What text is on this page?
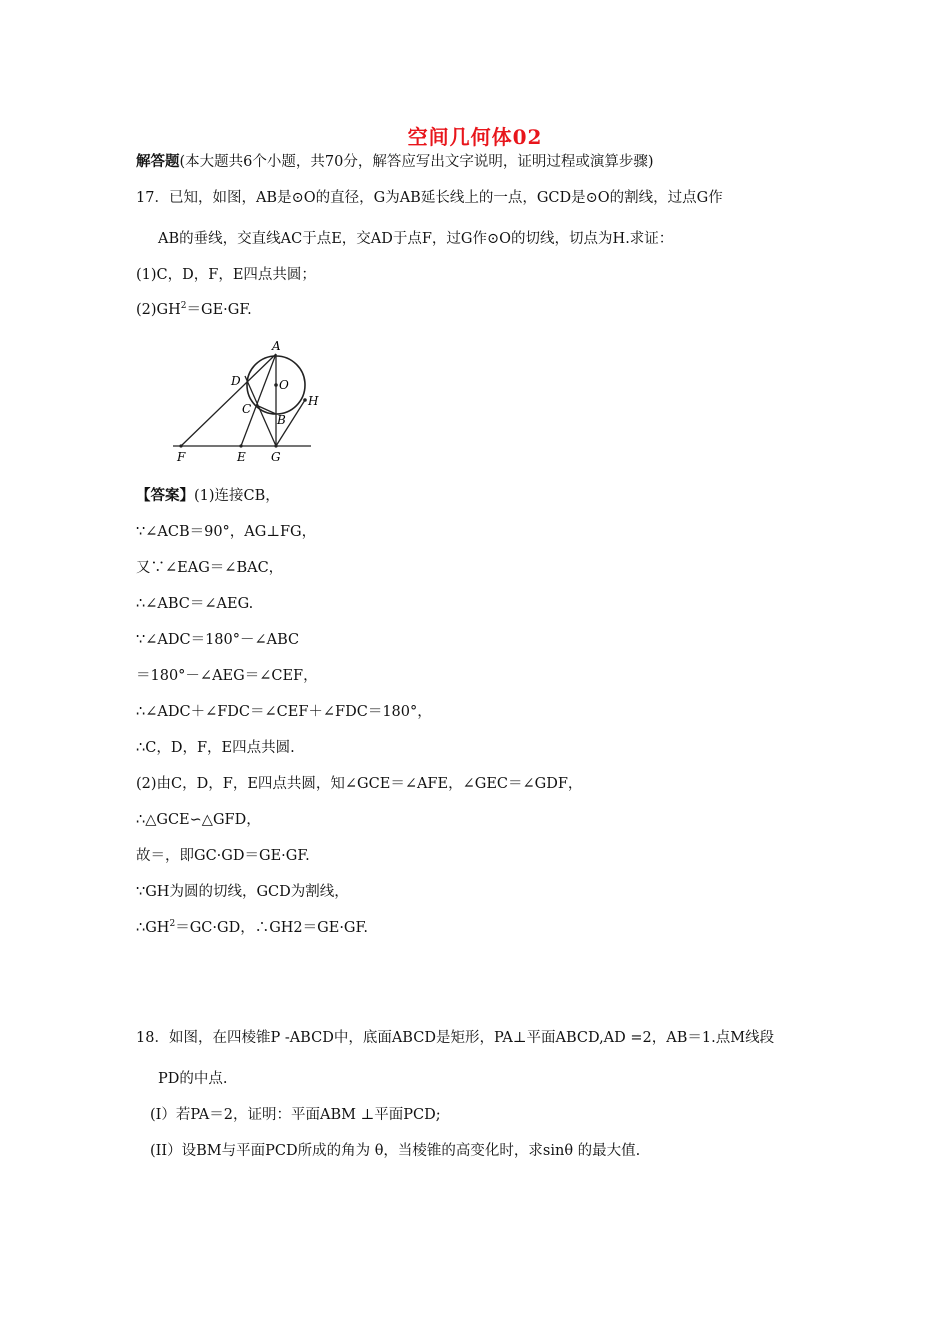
空间几何体02
解答题(本大题共6个小题，共70分，解答应写出文字说明，证明过程或演算步骤)
17．已知，如图，AB是⊙O的直径，G为AB延长线上的一点，GCD是⊙O的割线，过点G作
AB的垂线，交直线AC于点E，交AD于点F，过G作⊙O的切线，切点为H.求证：
(1)C，D，F，E四点共圆；
$(2)GH^2=GE\cdot GF$.
A
D	O
C
B
H
F	E G
【答案】(1)连接CB，
∵∠ACB＝90°，AG⊥FG，
又∵∠EAG＝∠BAC，
∴∠ABC＝∠AEG.
∵∠ADC＝180°－∠ABC
＝180°－∠AEG＝∠CEF，
∴∠ADC＋∠FDC＝∠CEF＋∠FDC＝180°，
∴C，D，F，E四点共圆.
(2)由C，D，F，E四点共圆，知∠GCE＝∠AFE，∠GEC＝∠GDF，
∴△GCE∽△GFD，
故＝，即GC·GD＝GE·GF.
∵GH为圆的切线，GCD为割线，
$\therefore GH^2=GC\cdot GD$，∴GH2＝GE·GF.
18．如图，在四棱锥P -ABCD中，底面ABCD是矩形，PA⊥平面ABCD,AD =2，AB＝1.点M线段
PD的中点.
(I）若PA＝2，证明：平面ABM ⊥平面PCD;
(II）设BM与平面PCD所成的角为 θ，当棱锥的高变化时，求sinθ 的最大值.
